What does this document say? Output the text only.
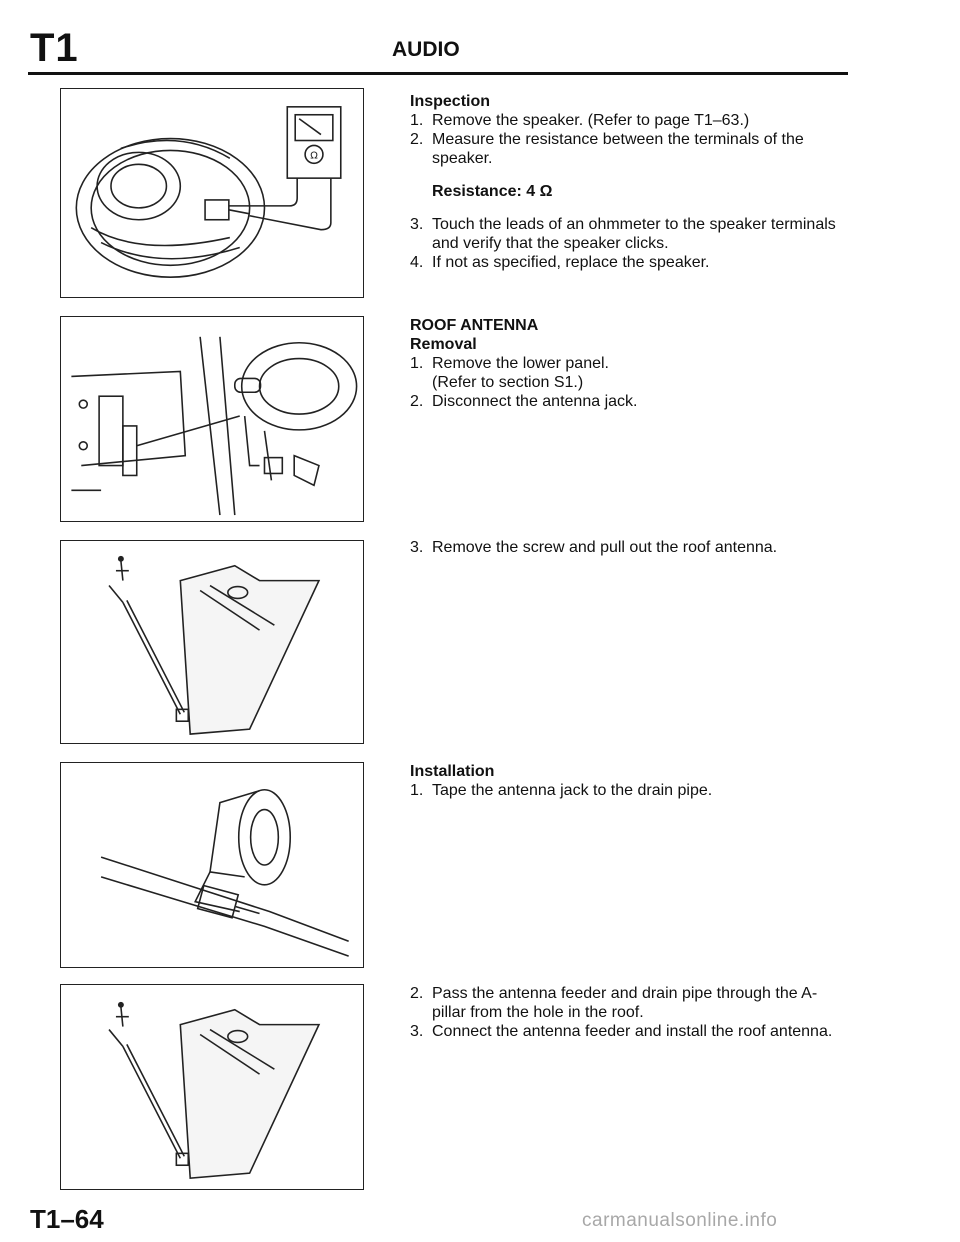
T1	AUDIO
Ω
Inspection
1. Remove the speaker. (Refer to page T1–63.)
2. Measure the resistance between the terminals of the speaker.
Resistance: 4 Ω
3. Touch the leads of an ohmmeter to the speaker terminals and verify that the speaker clicks.
4. If not as specified, replace the speaker.
ROOF ANTENNA
Removal
1. Remove the lower panel.
(Refer to section S1.)
2. Disconnect the antenna jack.
3. Remove the screw and pull out the roof antenna.
Installation
1. Tape the antenna jack to the drain pipe.
2. Pass the antenna feeder and drain pipe through the A-pillar from the hole in the roof.
3. Connect the antenna feeder and install the roof antenna.
T1–64	carmanualsonline.info
